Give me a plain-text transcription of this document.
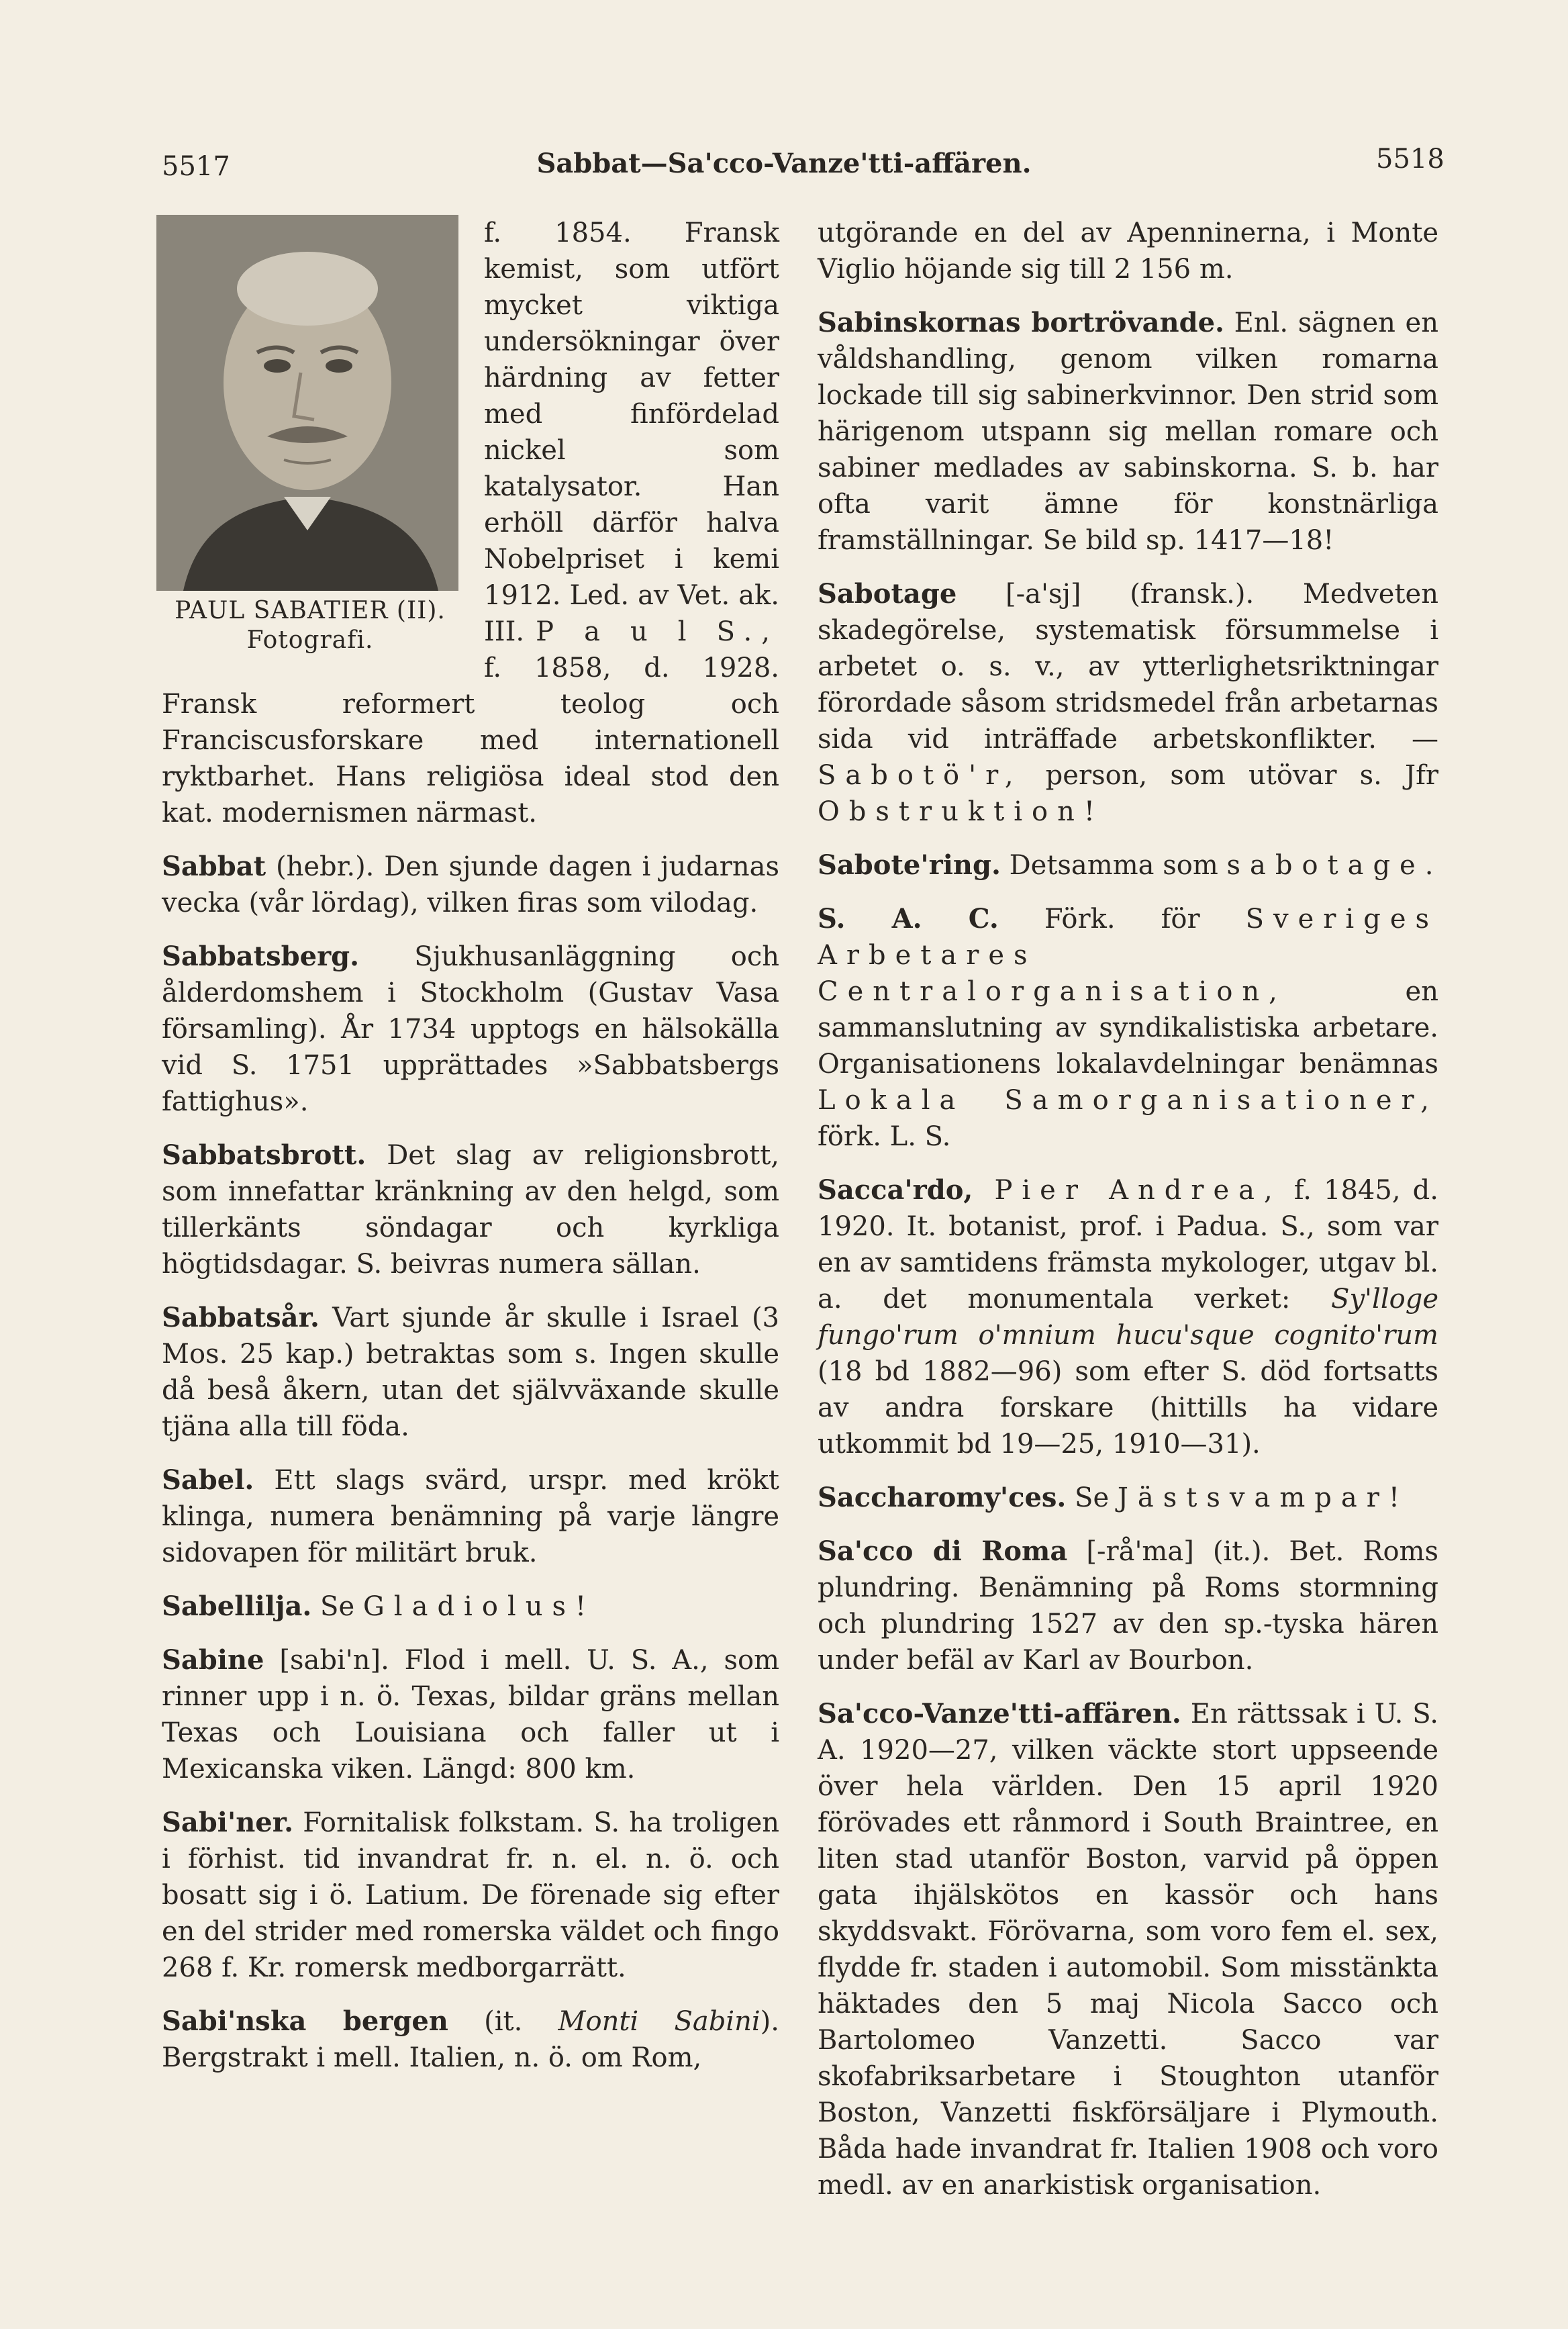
5517	Sabbat—Sa'cco-Vanze'tti-affären.	5518
PAUL SABATIER (II).
Fotografi.

f. 1854. Fransk kemist, som utfört mycket viktiga undersökningar över härdning av fetter med finfördelad nickel som katalysator. Han erhöll därför halva Nobelpriset i kemi 1912. Led. av Vet. ak. III. P a u l S., f. 1858, d. 1928. Fransk reformert teolog och Franciscusforskare med internationell ryktbarhet. Hans religiösa ideal stod den kat. modernismen närmast.

Sabbat (hebr.). Den sjunde dagen i judarnas vecka (vår lördag), vilken firas som vilodag.

Sabbatsberg. Sjukhusanläggning och ålderdomshem i Stockholm (Gustav Vasa församling). År 1734 upptogs en hälsokälla vid S. 1751 upprättades »Sabbatsbergs fattighus».

Sabbatsbrott. Det slag av religionsbrott, som innefattar kränkning av den helgd, som tillerkänts söndagar och kyrkliga högtidsdagar. S. beivras numera sällan.

Sabbatsår. Vart sjunde år skulle i Israel (3 Mos. 25 kap.) betraktas som s. Ingen skulle då beså åkern, utan det självväxande skulle tjäna alla till föda.

Sabel. Ett slags svärd, urspr. med krökt klinga, numera benämning på varje längre sidovapen för militärt bruk.

Sabellilja. Se Gladiolus!

Sabine [sabi'n]. Flod i mell. U. S. A., som rinner upp i n. ö. Texas, bildar gräns mellan Texas och Louisiana och faller ut i Mexicanska viken. Längd: 800 km.

Sabi'ner. Fornitalisk folkstam. S. ha troligen i förhist. tid invandrat fr. n. el. n. ö. och bosatt sig i ö. Latium. De förenade sig efter en del strider med romerska väldet och fingo 268 f. Kr. romersk medborgarrätt.

Sabi'nska bergen (it. Monti Sabini). Bergstrakt i mell. Italien, n. ö. om Rom,

utgörande en del av Apenninerna, i Monte Viglio höjande sig till 2 156 m.

Sabinskornas bortrövande. Enl. sägnen en våldshandling, genom vilken romarna lockade till sig sabinerkvinnor. Den strid som härigenom utspann sig mellan romare och sabiner medlades av sabinskorna. S. b. har ofta varit ämne för konstnärliga framställningar. Se bild sp. 1417—18!

Sabotage [-a'sj] (fransk.). Medveten skadegörelse, systematisk försummelse i arbetet o. s. v., av ytterlighetsriktningar förordade såsom stridsmedel från arbetarnas sida vid inträffade arbetskonflikter. — Sabotö'r, person, som utövar s. Jfr Obstruktion!

Sabote'ring. Detsamma som sabotage.

S. A. C. Förk. för Sveriges Arbetares Centralorganisation, en sammanslutning av syndikalistiska arbetare. Organisationens lokalavdelningar benämnas Lokala Samorganisationer, förk. L. S.

Sacca'rdo, Pier Andrea, f. 1845, d. 1920. It. botanist, prof. i Padua. S., som var en av samtidens främsta mykologer, utgav bl. a. det monumentala verket: Sy'lloge fungo'rum o'mnium hucu'sque cognito'rum (18 bd 1882—96) som efter S. död fortsatts av andra forskare (hittills ha vidare utkommit bd 19—25, 1910—31).

Saccharomy'ces. Se Jästsvampar!

Sa'cco di Roma [-rå'ma] (it.). Bet. Roms plundring. Benämning på Roms stormning och plundring 1527 av den sp.-tyska hären under befäl av Karl av Bourbon.

Sa'cco-Vanze'tti-affären. En rättssak i U. S. A. 1920—27, vilken väckte stort uppseende över hela världen. Den 15 april 1920 förövades ett rånmord i South Braintree, en liten stad utanför Boston, varvid på öppen gata ihjälskötos en kassör och hans skyddsvakt. Förövarna, som voro fem el. sex, flydde fr. staden i automobil. Som misstänkta häktades den 5 maj Nicola Sacco och Bartolomeo Vanzetti. Sacco var skofabriksarbetare i Stoughton utanför Boston, Vanzetti fiskförsäljare i Plymouth. Båda hade invandrat fr. Italien 1908 och voro medl. av en anarkistisk organisation.
